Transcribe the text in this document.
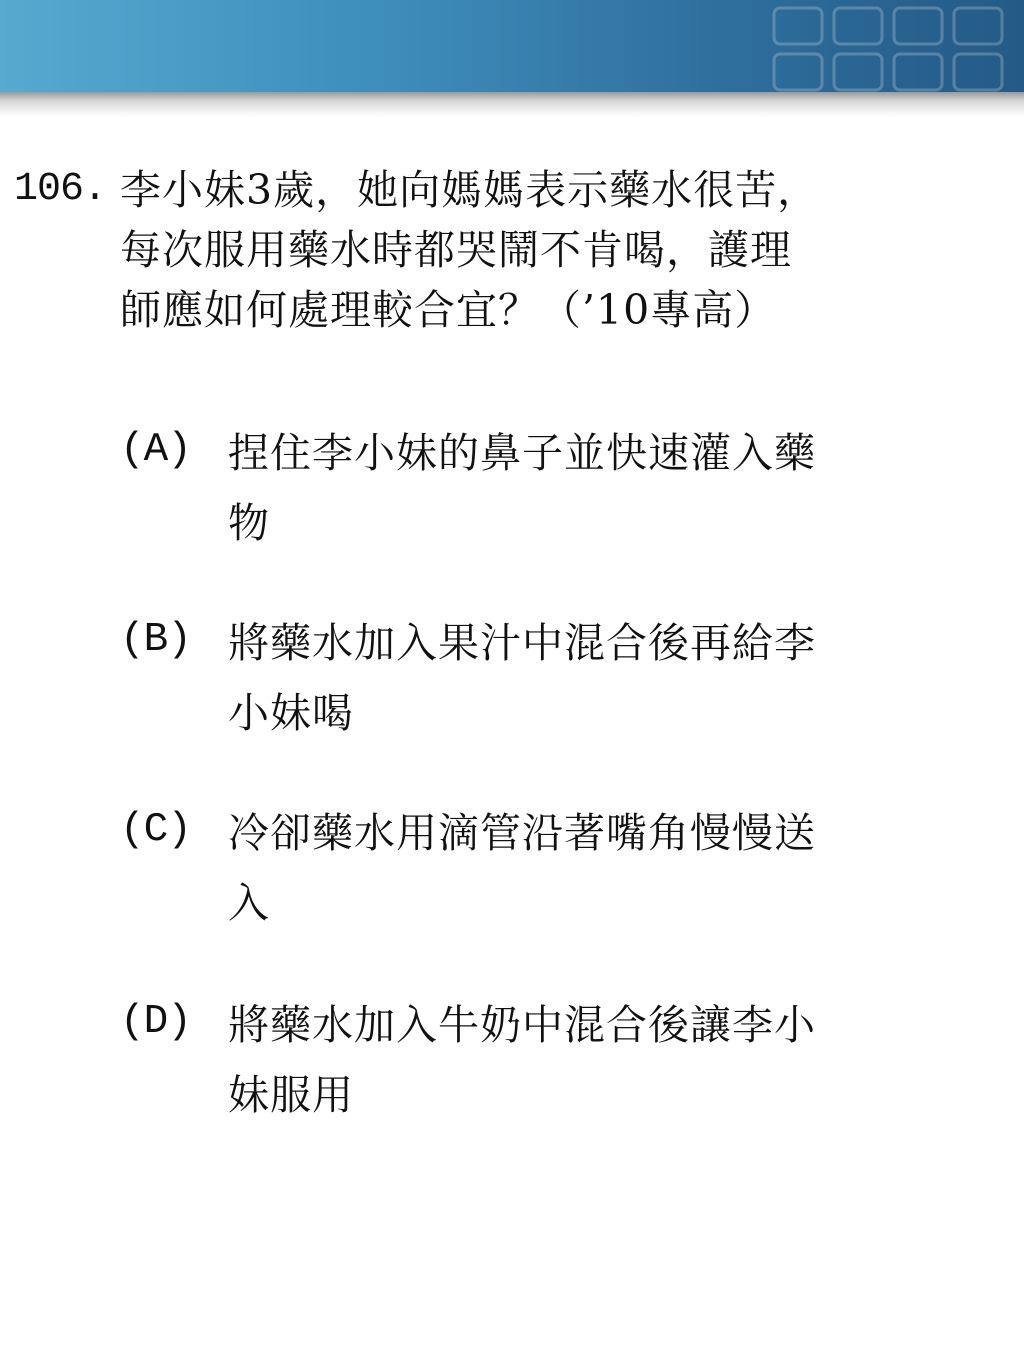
106. 李小妹3歲，她向媽媽表示藥水很苦，
每次服用藥水時都哭鬧不肯喝，護理
師應如何處理較合宜？（’10專高）
(A) 捏住李小妹的鼻子並快速灌入藥
物
(B) 將藥水加入果汁中混合後再給李
小妹喝
(C) 冷卻藥水用滴管沿著嘴角慢慢送
入
(D) 將藥水加入牛奶中混合後讓李小
妹服用
